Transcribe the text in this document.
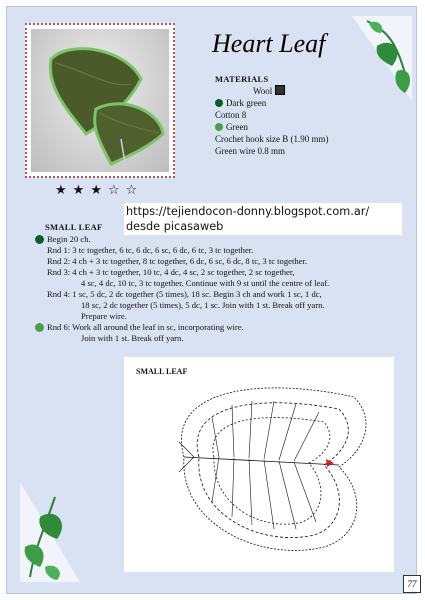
★★★☆☆
Heart Leaf
MATERIALS
Wool
Dark green
Cotton 8
Green
Crochet hook size B (1.90 mm)
Green wire 0.8 mm
https://tejiendocon-donny.blogspot.com.ar/
desde picasaweb
SMALL LEAF
Begin 20 ch.
Rnd 1: 3 tc together, 6 tc, 6 dc, 6 sc, 6 dc, 6 tc, 3 tc together.
Rnd 2: 4 ch + 3 tc together, 8 tc together, 6 dc, 6 sc, 6 dc, 8 tc, 3 tc together.
Rnd 3: 4 ch + 3 tc together, 10 tc, 4 dc, 4 sc, 2 sc together, 2 sc together,
4 sc, 4 dc, 10 tc, 3 tc together. Continue with 9 st until the centre of leaf.
Rnd 4: 1 sc, 5 dc, 2 dc together (5 times), 18 sc. Begin 3 ch and work 1 sc, 1 dc,
18 sc, 2 dc together (5 times), 5 dc, 1 sc. Join with 1 st. Break off yarn.
Prepare wire.
Rnd 6: Work all around the leaf in sc, incorporating wire.
Join with 1 st. Break off yarn.
SMALL LEAF
77
